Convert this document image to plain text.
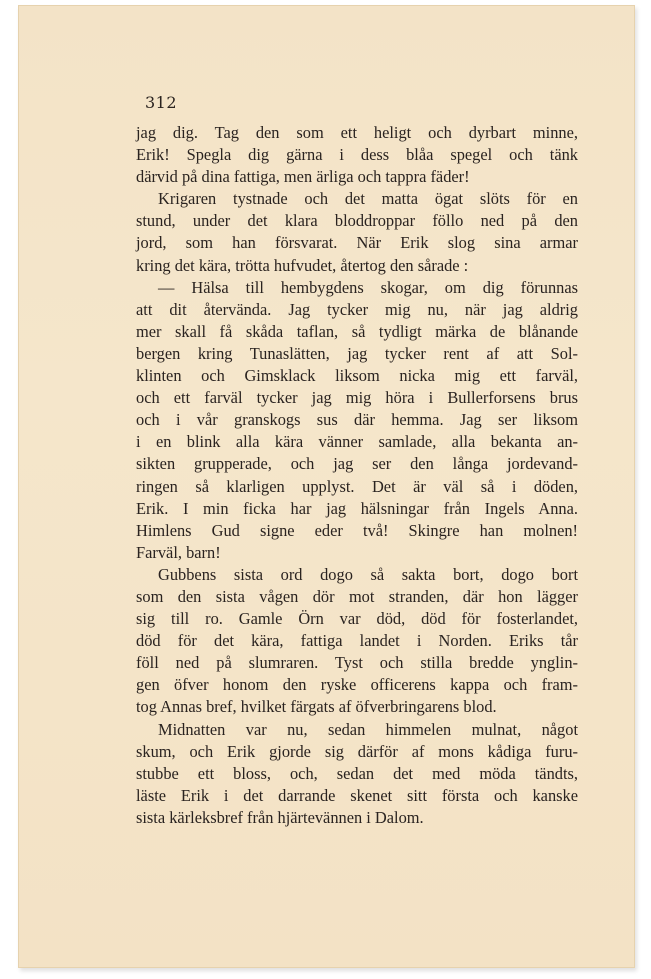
312
jag dig. Tag den som ett heligt och dyrbart minne,
Erik! Spegla dig gärna i dess blåa spegel och tänk
därvid på dina fattiga, men ärliga och tappra fäder!
Krigaren tystnade och det matta ögat slöts för en
stund, under det klara bloddroppar föllo ned på den
jord, som han försvarat. När Erik slog sina armar
kring det kära, trötta hufvudet, återtog den sårade :
— Hälsa till hembygdens skogar, om dig förunnas
att dit återvända. Jag tycker mig nu, när jag aldrig
mer skall få skåda taflan, så tydligt märka de blånande
bergen kring Tunaslätten, jag tycker rent af att Sol-
klinten och Gimsklack liksom nicka mig ett farväl,
och ett farväl tycker jag mig höra i Bullerforsens brus
och i vår granskogs sus där hemma. Jag ser liksom
i en blink alla kära vänner samlade, alla bekanta an-
sikten grupperade, och jag ser den långa jordevand-
ringen så klarligen upplyst. Det är väl så i döden,
Erik. I min ficka har jag hälsningar från Ingels Anna.
Himlens Gud signe eder två! Skingre han molnen!
Farväl, barn!
Gubbens sista ord dogo så sakta bort, dogo bort
som den sista vågen dör mot stranden, där hon lägger
sig till ro. Gamle Örn var död, död för fosterlandet,
död för det kära, fattiga landet i Norden. Eriks tår
föll ned på slumraren. Tyst och stilla bredde ynglin-
gen öfver honom den ryske officerens kappa och fram-
tog Annas bref, hvilket färgats af öfverbringarens blod.
Midnatten var nu, sedan himmelen mulnat, något
skum, och Erik gjorde sig därför af mons kådiga furu-
stubbe ett bloss, och, sedan det med möda tändts,
läste Erik i det darrande skenet sitt första och kanske
sista kärleksbref från hjärtevännen i Dalom.
